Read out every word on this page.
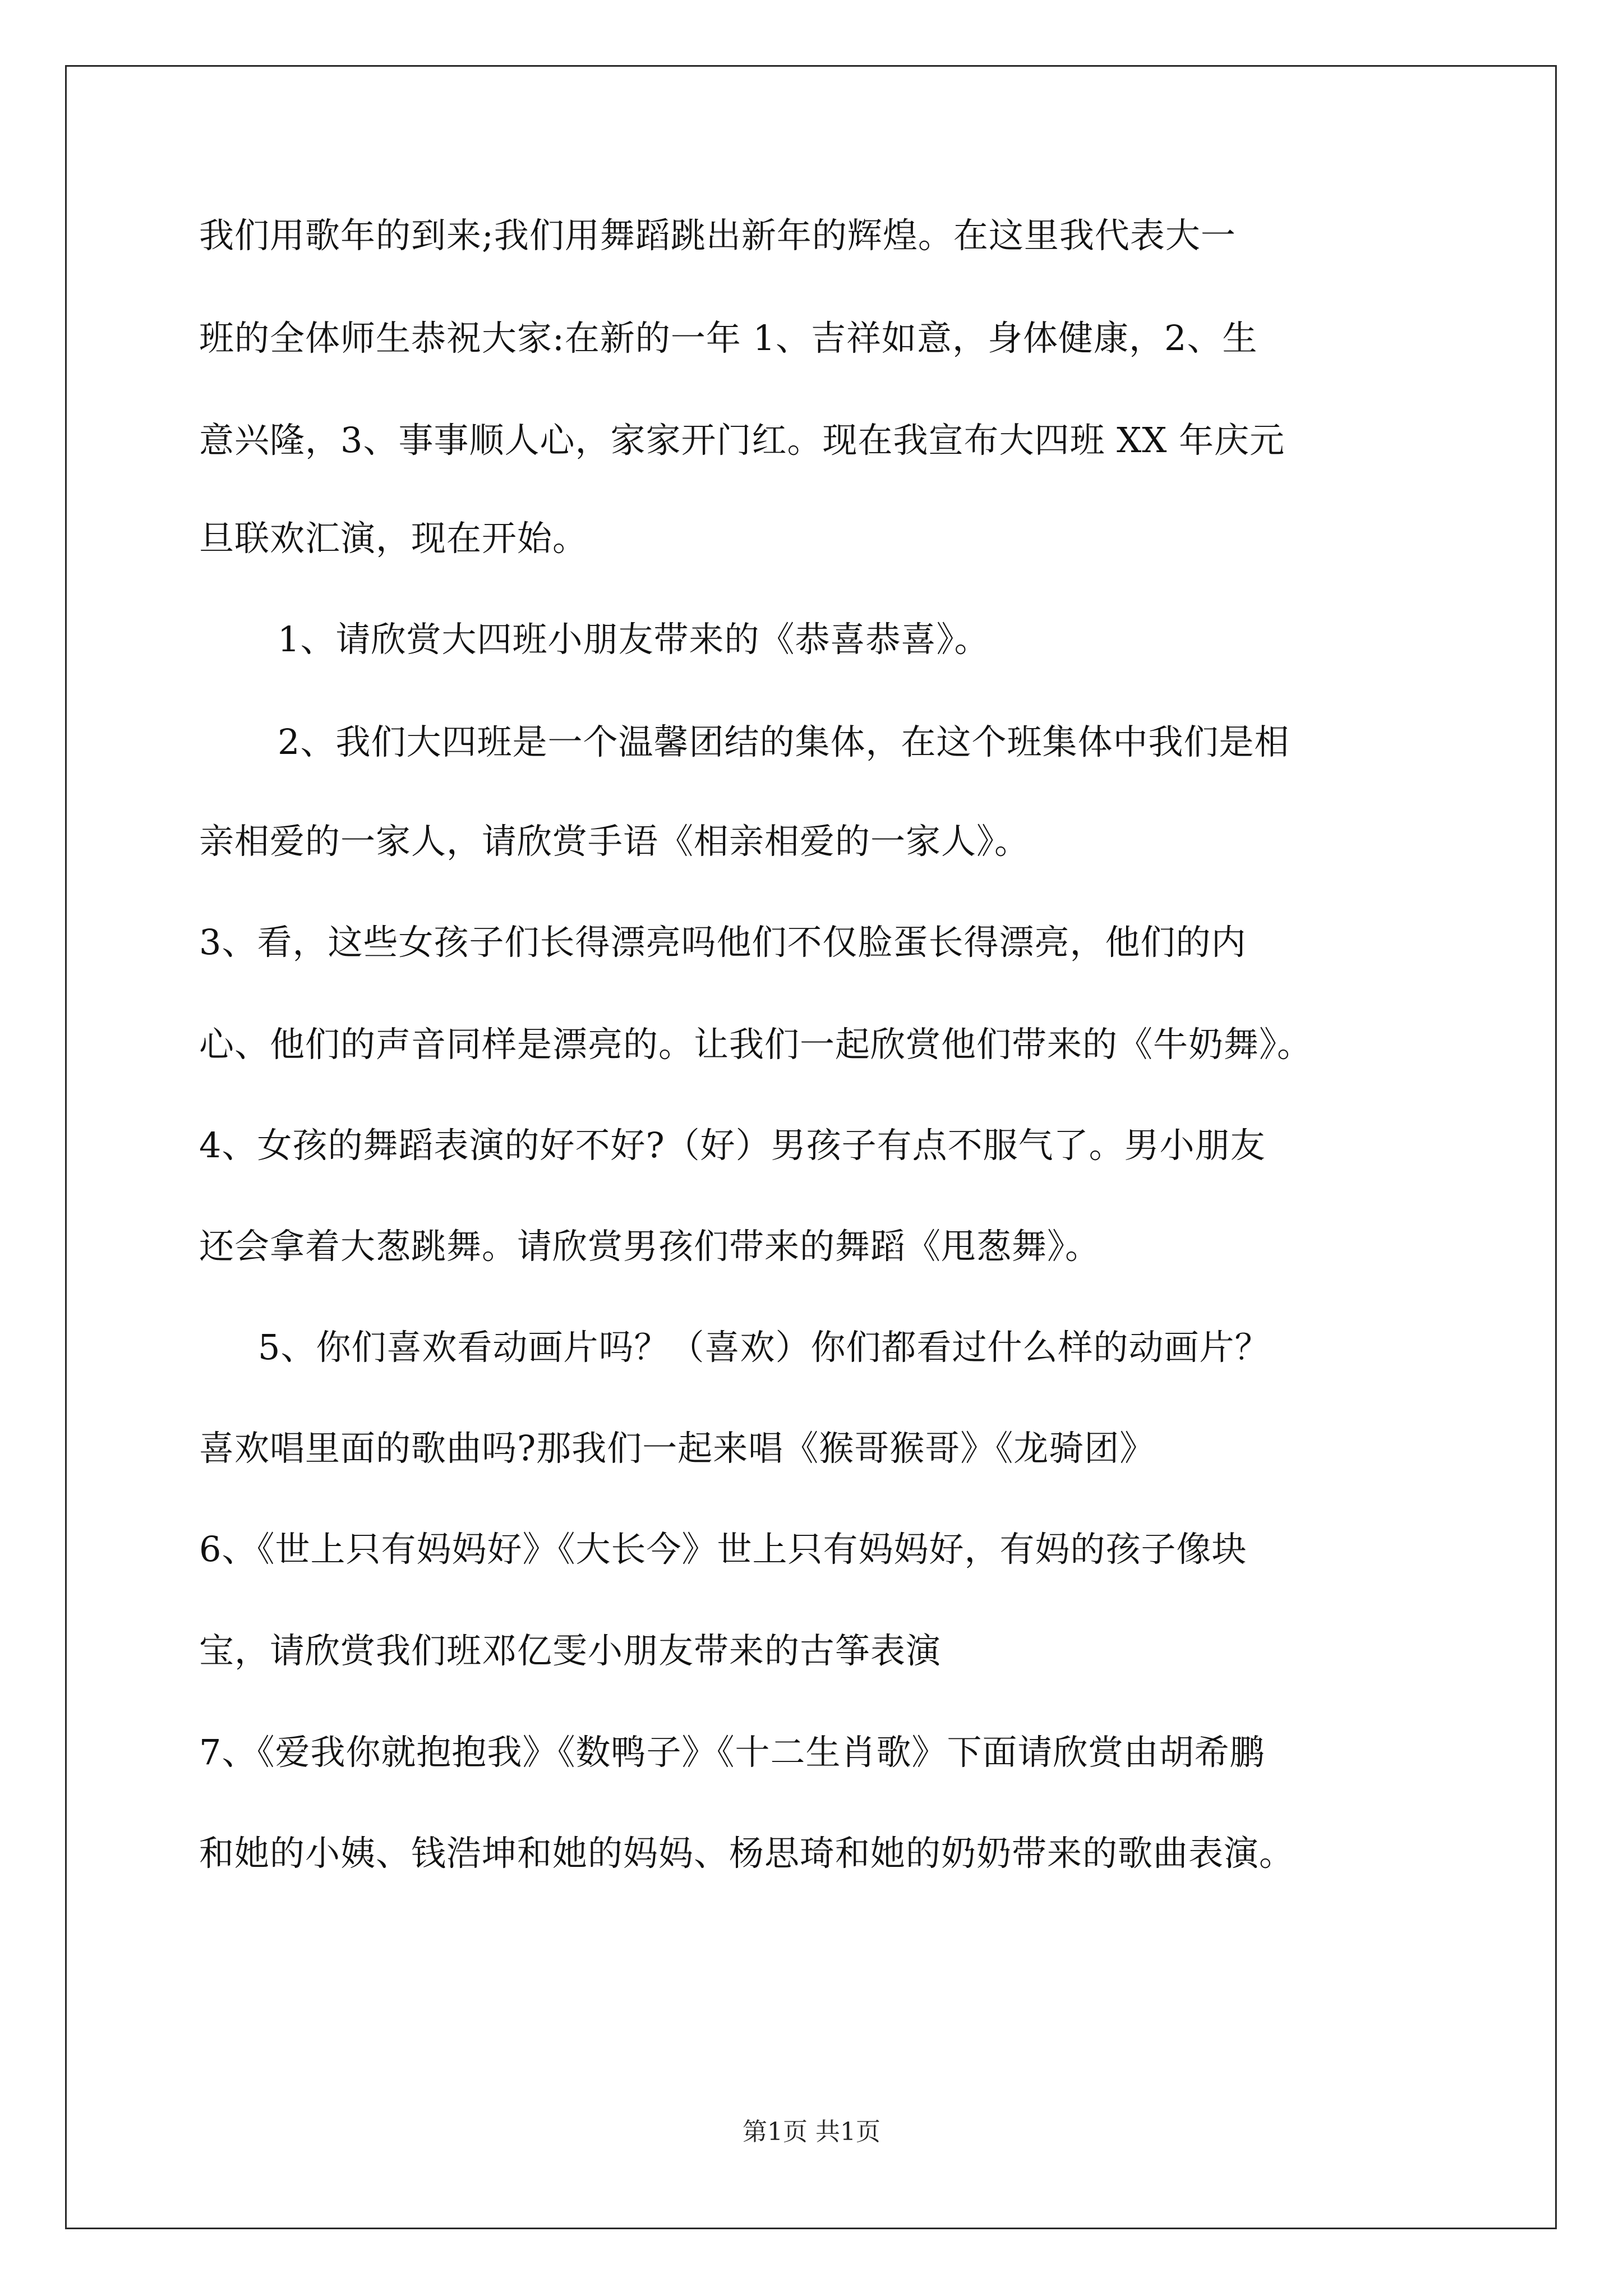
我们用歌年的到来;我们用舞蹈跳出新年的辉煌。在这里我代表大一
班的全体师生恭祝大家:在新的一年 1、吉祥如意，身体健康，2、生
意兴隆，3、事事顺人心，家家开门红。现在我宣布大四班 XX 年庆元
旦联欢汇演，现在开始。
1、请欣赏大四班小朋友带来的《恭喜恭喜》。
2、我们大四班是一个温馨团结的集体，在这个班集体中我们是相
亲相爱的一家人，请欣赏手语《相亲相爱的一家人》。
3、看，这些女孩子们长得漂亮吗他们不仅脸蛋长得漂亮，他们的内
心、他们的声音同样是漂亮的。让我们一起欣赏他们带来的《牛奶舞》。
4、女孩的舞蹈表演的好不好?（好）男孩子有点不服气了。男小朋友
还会拿着大葱跳舞。请欣赏男孩们带来的舞蹈《甩葱舞》。
5、你们喜欢看动画片吗？（喜欢）你们都看过什么样的动画片？
喜欢唱里面的歌曲吗?那我们一起来唱《猴哥猴哥》《龙骑团》
6、《世上只有妈妈好》《大长今》世上只有妈妈好，有妈的孩子像块
宝，请欣赏我们班邓亿雯小朋友带来的古筝表演
7、《爱我你就抱抱我》《数鸭子》《十二生肖歌》下面请欣赏由胡希鹏
和她的小姨、钱浩坤和她的妈妈、杨思琦和她的奶奶带来的歌曲表演。
第1页 共1页
